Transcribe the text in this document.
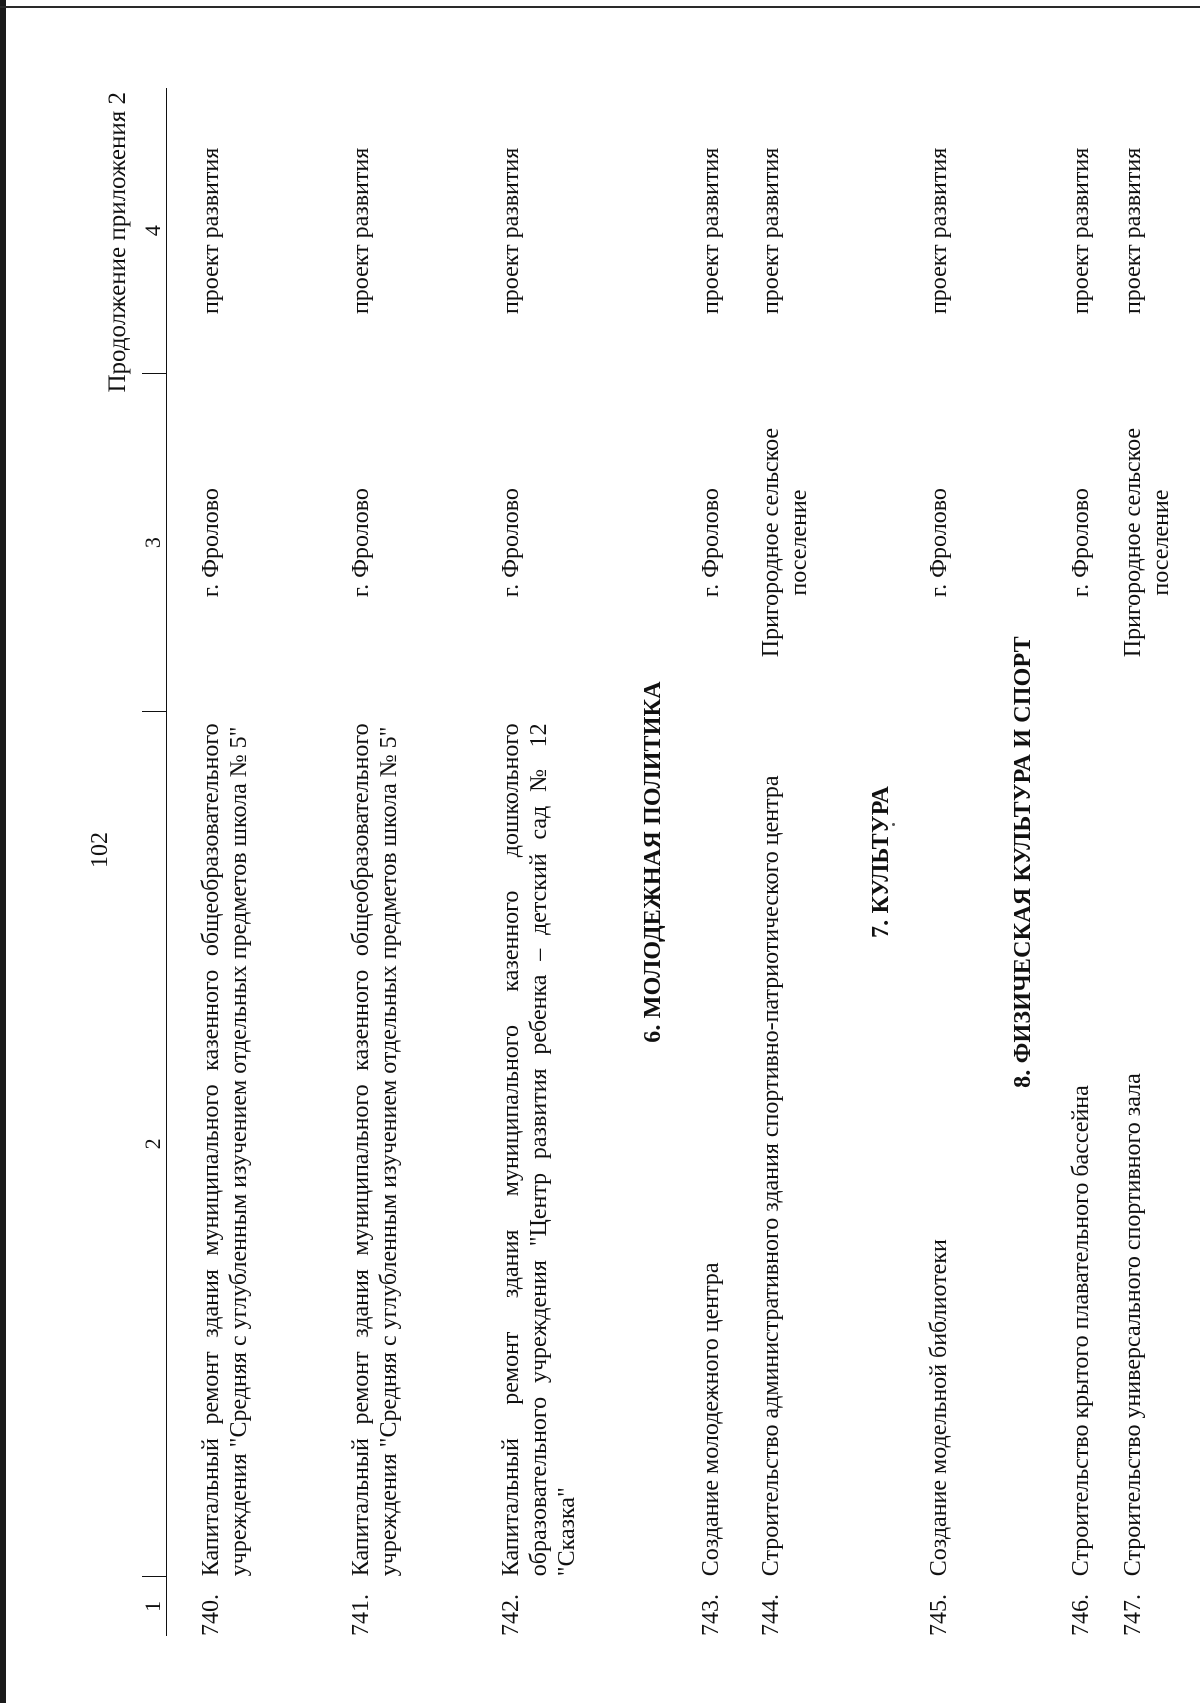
102
Продолжение приложения 2
1	2	3	4
740.	Капитальный ремонт здания муниципального казенного общеобразовательного учреждения "Средняя с углубленным изучением отдельных предметов школа № 5"	г. Фролово	проект развития
741.	Капитальный ремонт здания муниципального казенного общеобразовательного учреждения "Средняя с углубленным изучением отдельных предметов школа № 5"	г. Фролово	проект развития
742.	Капитальный ремонт здания муниципального казенного дошкольного образовательного учреждения "Центр развития ребенка – детский сад № 12 "Сказка"	г. Фролово	проект развития
6. МОЛОДЕЖНАЯ ПОЛИТИКА			
743.	Создание молодежного центра	г. Фролово	проект развития
744.	Строительство административного здания спортивно-патриотического центра	Пригородное сельское поселение	проект развития
7. КУЛЬТУРА			
745.	Создание модельной библиотеки	г. Фролово	проект развития
8. ФИЗИЧЕСКАЯ КУЛЬТУРА И СПОРТ			
746.	Строительство крытого плавательного бассейна	г. Фролово	проект развития
747.	Строительство универсального спортивного зала	Пригородное сельское поселение	проект развития
